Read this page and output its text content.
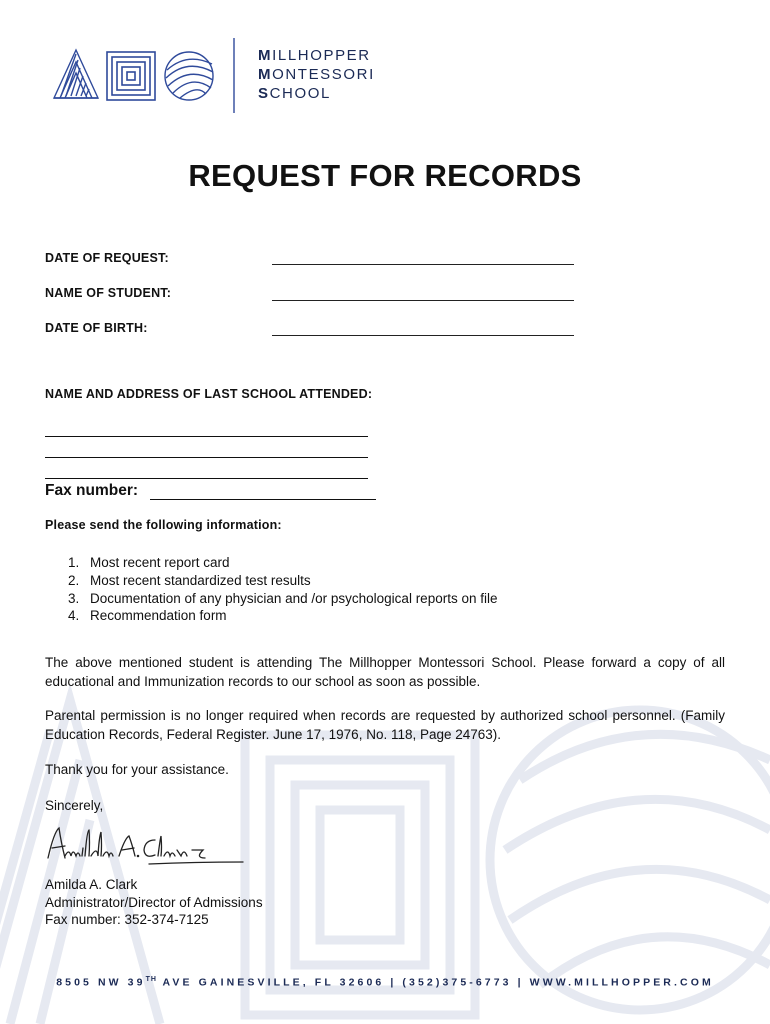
MILLHOPPER
MONTESSORI
SCHOOL
REQUEST FOR RECORDS
DATE OF REQUEST:
NAME OF STUDENT:
DATE OF BIRTH:
NAME AND ADDRESS OF LAST SCHOOL ATTENDED:
Fax number:
Please send the following information:
1. Most recent report card
2. Most recent standardized test results
3. Documentation of any physician and /or psychological reports on file
4. Recommendation form
The above mentioned student is attending The Millhopper Montessori School. Please forward a copy of all educational and Immunization records to our school as soon as possible.
Parental permission is no longer required when records are requested by authorized school personnel. (Family Education Records, Federal Register. June 17, 1976, No. 118, Page 24763).
Thank you for your assistance.
Sincerely,
Amilda A. Clark
Administrator/Director of Admissions
Fax number: 352-374-7125
8505 NW 39TH AVE GAINESVILLE, FL 32606 | (352)375-6773 | WWW.MILLHOPPER.COM
